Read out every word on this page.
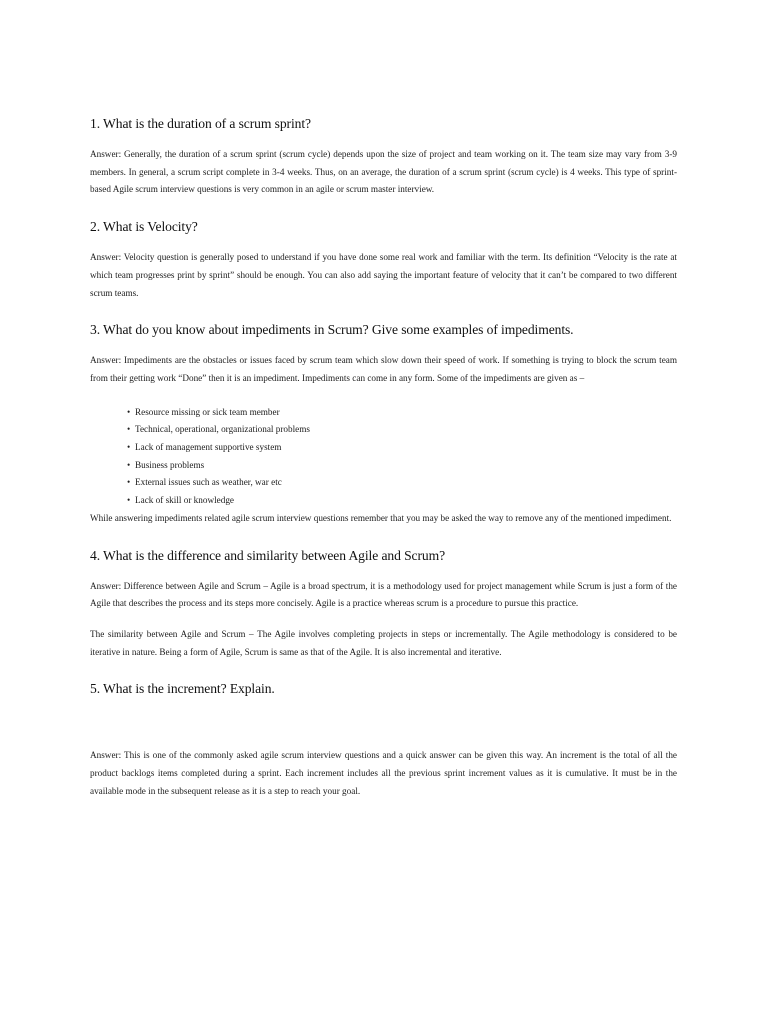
1. What is the duration of a scrum sprint?

Answer: Generally, the duration of a scrum sprint (scrum cycle) depends upon the size of project and team working on it. The team size may vary from 3-9 members. In general, a scrum script complete in 3-4 weeks. Thus, on an average, the duration of a scrum sprint (scrum cycle) is 4 weeks. This type of sprint-based Agile scrum interview questions is very common in an agile or scrum master interview.

2. What is Velocity?

Answer: Velocity question is generally posed to understand if you have done some real work and familiar with the term. Its definition “Velocity is the rate at which team progresses print by sprint” should be enough. You can also add saying the important feature of velocity that it can’t be compared to two different scrum teams.

3. What do you know about impediments in Scrum? Give some examples of impediments.

Answer: Impediments are the obstacles or issues faced by scrum team which slow down their speed of work. If something is trying to block the scrum team from their getting work “Done” then it is an impediment. Impediments can come in any form. Some of the impediments are given as –

• Resource missing or sick team member
• Technical, operational, organizational problems
• Lack of management supportive system
• Business problems
• External issues such as weather, war etc
• Lack of skill or knowledge

While answering impediments related agile scrum interview questions remember that you may be asked the way to remove any of the mentioned impediment.

4. What is the difference and similarity between Agile and Scrum?

Answer: Difference between Agile and Scrum – Agile is a broad spectrum, it is a methodology used for project management while Scrum is just a form of the Agile that describes the process and its steps more concisely. Agile is a practice whereas scrum is a procedure to pursue this practice.

The similarity between Agile and Scrum – The Agile involves completing projects in steps or incrementally. The Agile methodology is considered to be iterative in nature. Being a form of Agile, Scrum is same as that of the Agile. It is also incremental and iterative.

5. What is the increment? Explain.

Answer: This is one of the commonly asked agile scrum interview questions and a quick answer can be given this way. An increment is the total of all the product backlogs items completed during a sprint. Each increment includes all the previous sprint increment values as it is cumulative. It must be in the available mode in the subsequent release as it is a step to reach your goal.
